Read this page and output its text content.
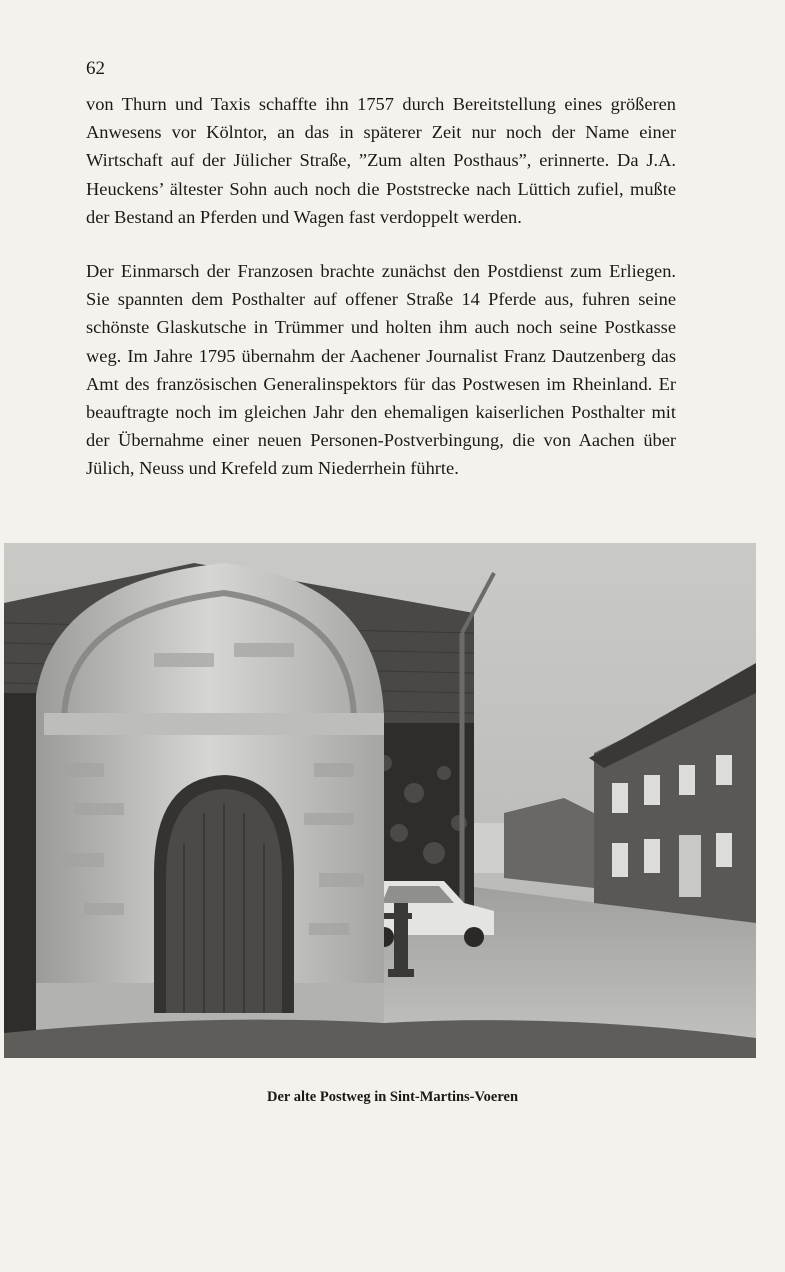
62

von Thurn und Taxis schaffte ihn 1757 durch Bereitstellung eines größeren Anwesens vor Kölntor, an das in späterer Zeit nur noch der Name einer Wirtschaft auf der Jülicher Straße, ”Zum alten Posthaus”, erinnerte. Da J.A. Heuckens’ ältester Sohn auch noch die Poststrecke nach Lüttich zufiel, mußte der Bestand an Pferden und Wagen fast verdoppelt werden.

Der Einmarsch der Franzosen brachte zunächst den Postdienst zum Erliegen. Sie spannten dem Posthalter auf offener Straße 14 Pferde aus, fuhren seine schönste Glaskutsche in Trümmer und holten ihm auch noch seine Postkasse weg. Im Jahre 1795 übernahm der Aachener Journalist Franz Dautzenberg das Amt des französischen Generalinspektors für das Postwesen im Rheinland. Er beauftragte noch im gleichen Jahr den ehemaligen kaiserlichen Posthalter mit der Übernahme einer neuen Personen-Postverbingung, die von Aachen über Jülich, Neuss und Krefeld zum Niederrhein führte.

Der alte Postweg in Sint-Martins-Voeren
